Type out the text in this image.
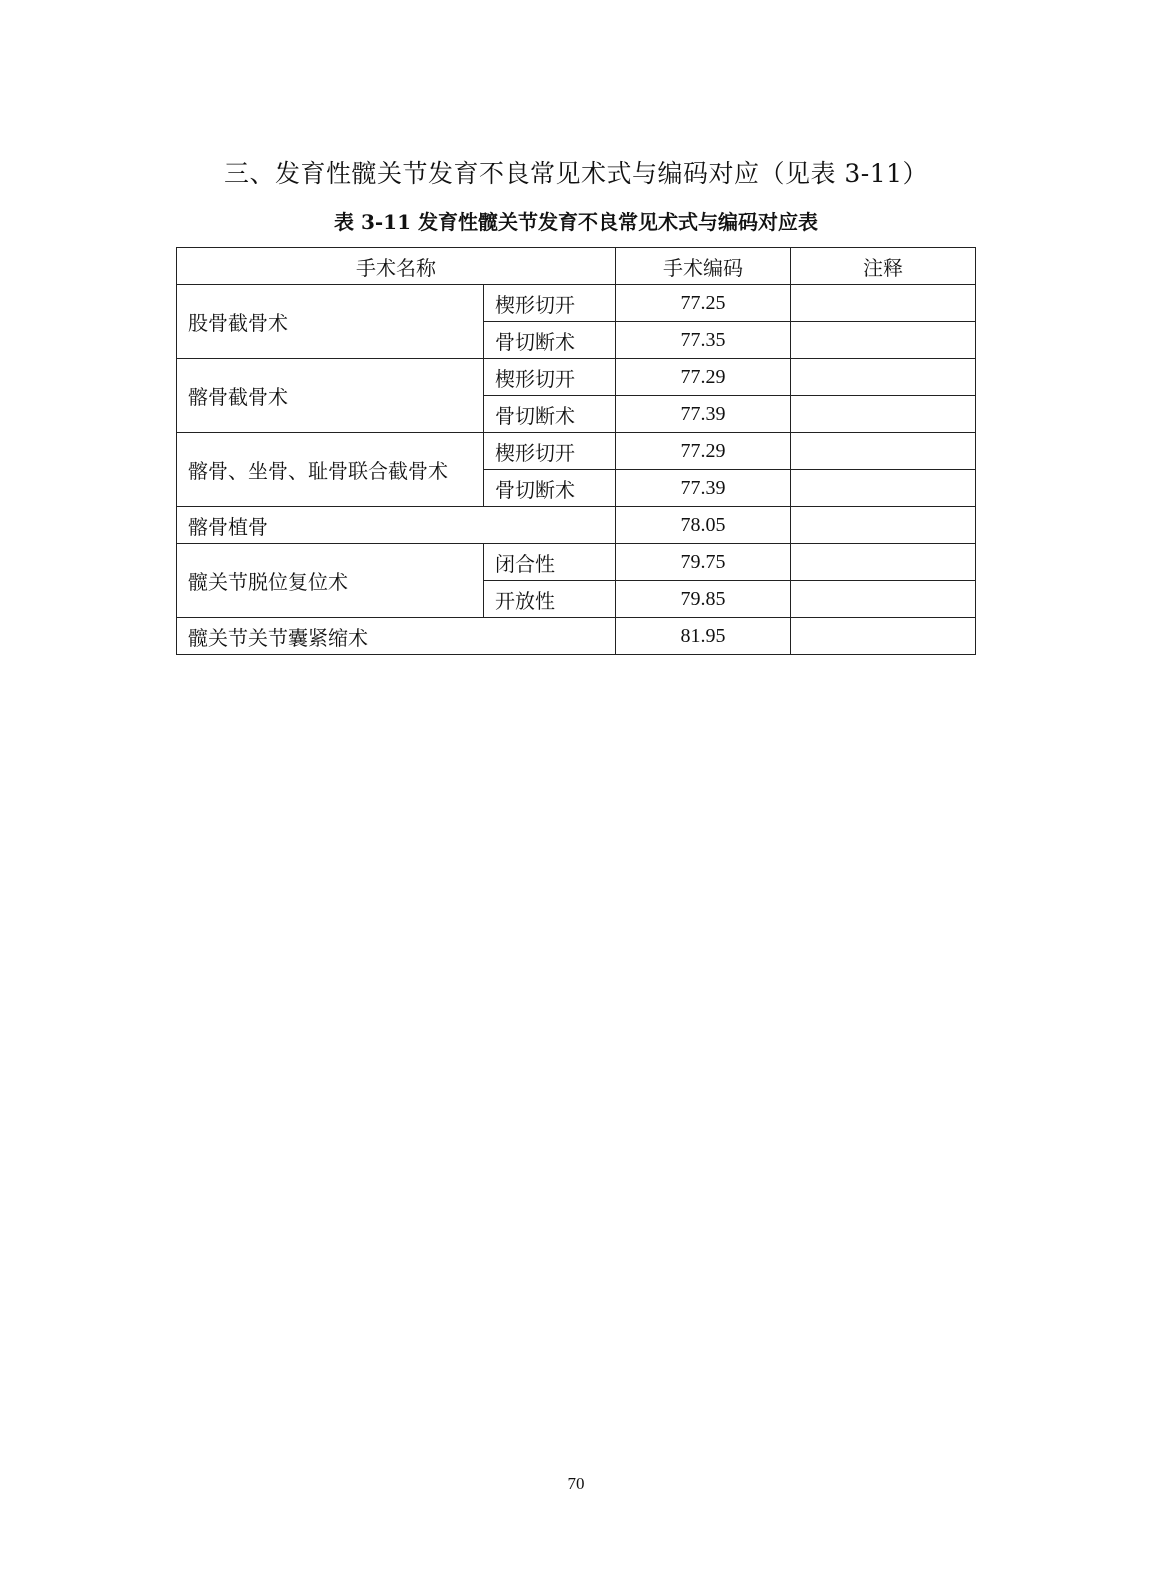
三、发育性髋关节发育不良常见术式与编码对应（见表 3-11）

表 3-11 发育性髋关节发育不良常见术式与编码对应表

手术名称		手术编码	注释
股骨截骨术	楔形切开	77.25	
	骨切断术	77.35	
髂骨截骨术	楔形切开	77.29	
	骨切断术	77.39	
髂骨、坐骨、耻骨联合截骨术	楔形切开	77.29	
	骨切断术	77.39	
髂骨植骨		78.05	
髋关节脱位复位术	闭合性	79.75	
	开放性	79.85	
髋关节关节囊紧缩术		81.95	
70
